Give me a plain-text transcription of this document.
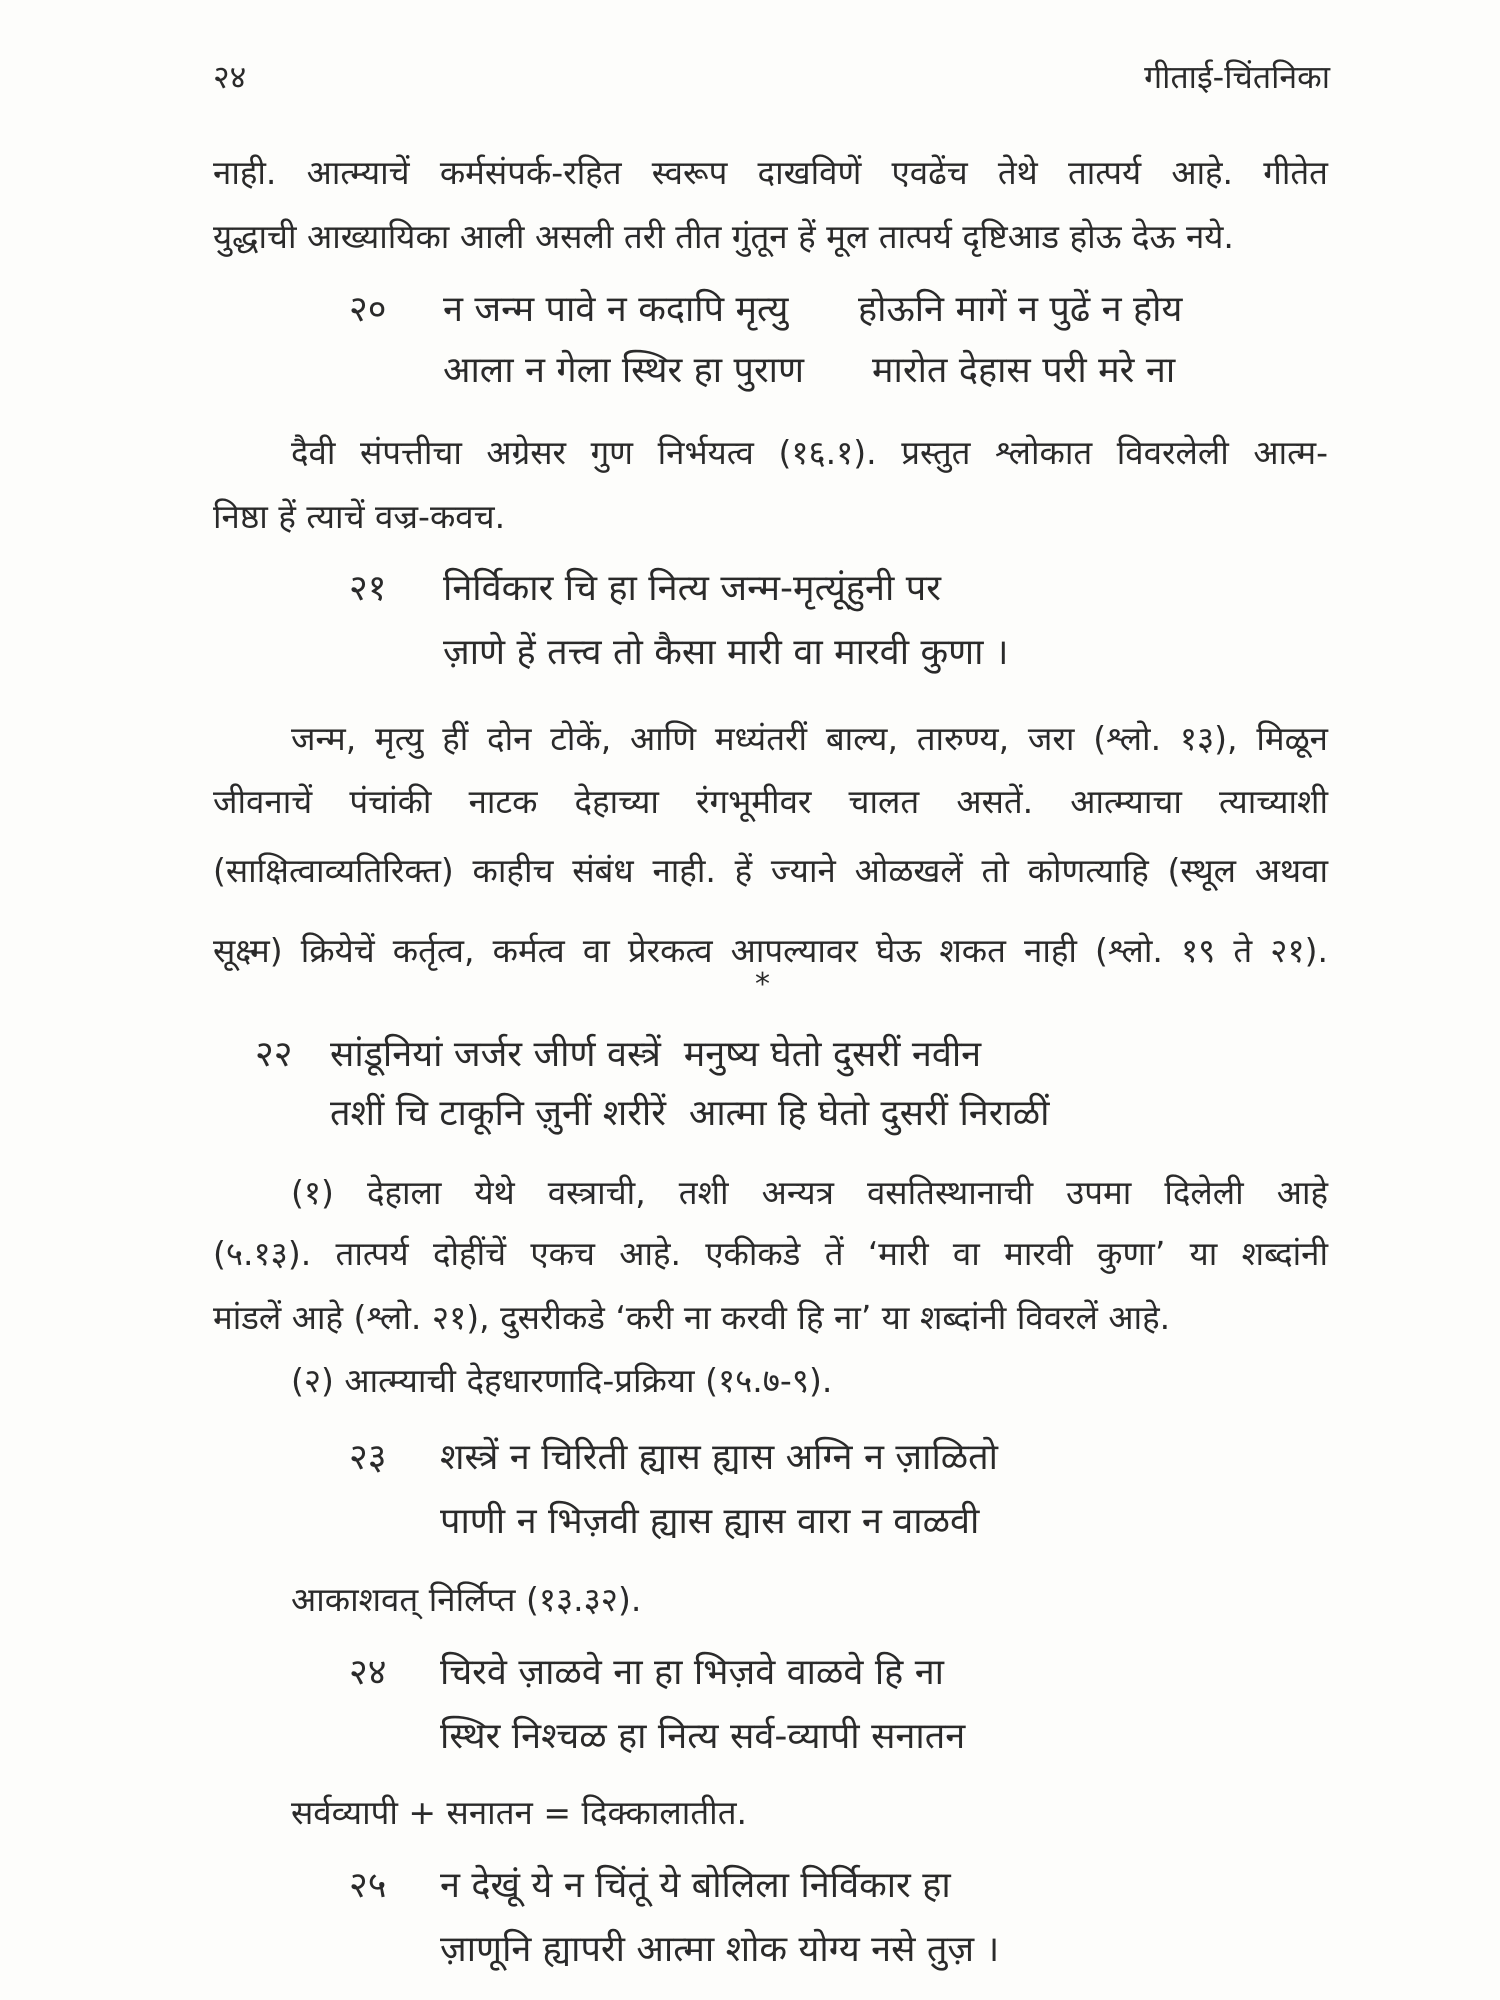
२४	गीताई-चिंतनिका
नाही. आत्म्याचें कर्मसंपर्क-रहित स्वरूप दाखविणें एवढेंच तेथे तात्पर्य आहे. गीतेत
युद्धाची आख्यायिका आली असली तरी तीत गुंतून हें मूल तात्पर्य दृष्टिआड होऊ देऊ नये.
२० न जन्म पावे न कदापि मृत्यु होऊनि मागें न पुढें न होय
आला न गेला स्थिर हा पुराण मारोत देहास परी मरे ना
दैवी संपत्तीचा अग्रेसर गुण निर्भयत्व (१६.१). प्रस्तुत श्लोकात विवरलेली आत्म-
निष्ठा हें त्याचें वज्र-कवच.
२१ निर्विकार चि हा नित्य जन्म-मृत्यूंहुनी पर
ज़ाणे हें तत्त्व तो कैसा मारी वा मारवी कुणा ।
जन्म, मृत्यु हीं दोन टोकें, आणि मध्यंतरीं बाल्य, तारुण्य, जरा (श्लो. १३), मिळून
जीवनाचें पंचांकी नाटक देहाच्या रंगभूमीवर चालत असतें. आत्म्याचा त्याच्याशी
(साक्षित्वाव्यतिरिक्त) काहीच संबंध नाही. हें ज्याने ओळखलें तो कोणत्याहि (स्थूल अथवा
सूक्ष्म) क्रियेचें कर्तृत्व, कर्मत्व वा प्रेरकत्व आपल्यावर घेऊ शकत नाही (श्लो. १९ ते २१).
*
२२ सांडूनियां जर्जर जीर्ण वस्त्रें  मनुष्य घेतो दुसरीं नवीन
तशीं चि टाकूनि ज़ुनीं शरीरें  आत्मा हि घेतो दुसरीं निराळीं
(१) देहाला येथे वस्त्राची, तशी अन्यत्र वसतिस्थानाची उपमा दिलेली आहे
(५.१३). तात्पर्य दोहींचें एकच आहे. एकीकडे तें ‘मारी वा मारवी कुणा’ या शब्दांनी
मांडलें आहे (श्लो. २१), दुसरीकडे ‘करी ना करवी हि ना’ या शब्दांनी विवरलें आहे.
(२) आत्म्याची देहधारणादि-प्रक्रिया (१५.७-९).
२३ शस्त्रें न चिरिती ह्यास ह्यास अग्नि न ज़ाळितो
पाणी न भिज़वी ह्यास ह्यास वारा न वाळवी
आकाशवत् निर्लिप्त (१३.३२).
२४ चिरवे ज़ाळवे ना हा भिज़वे वाळवे हि ना
स्थिर निश्चळ हा नित्य सर्व-व्यापी सनातन
सर्वव्यापी + सनातन = दिक्कालातीत.
२५ न देखूं ये न चिंतूं ये बोलिला निर्विकार हा
ज़ाणूनि ह्यापरी आत्मा शोक योग्य नसे तुज़ ।
